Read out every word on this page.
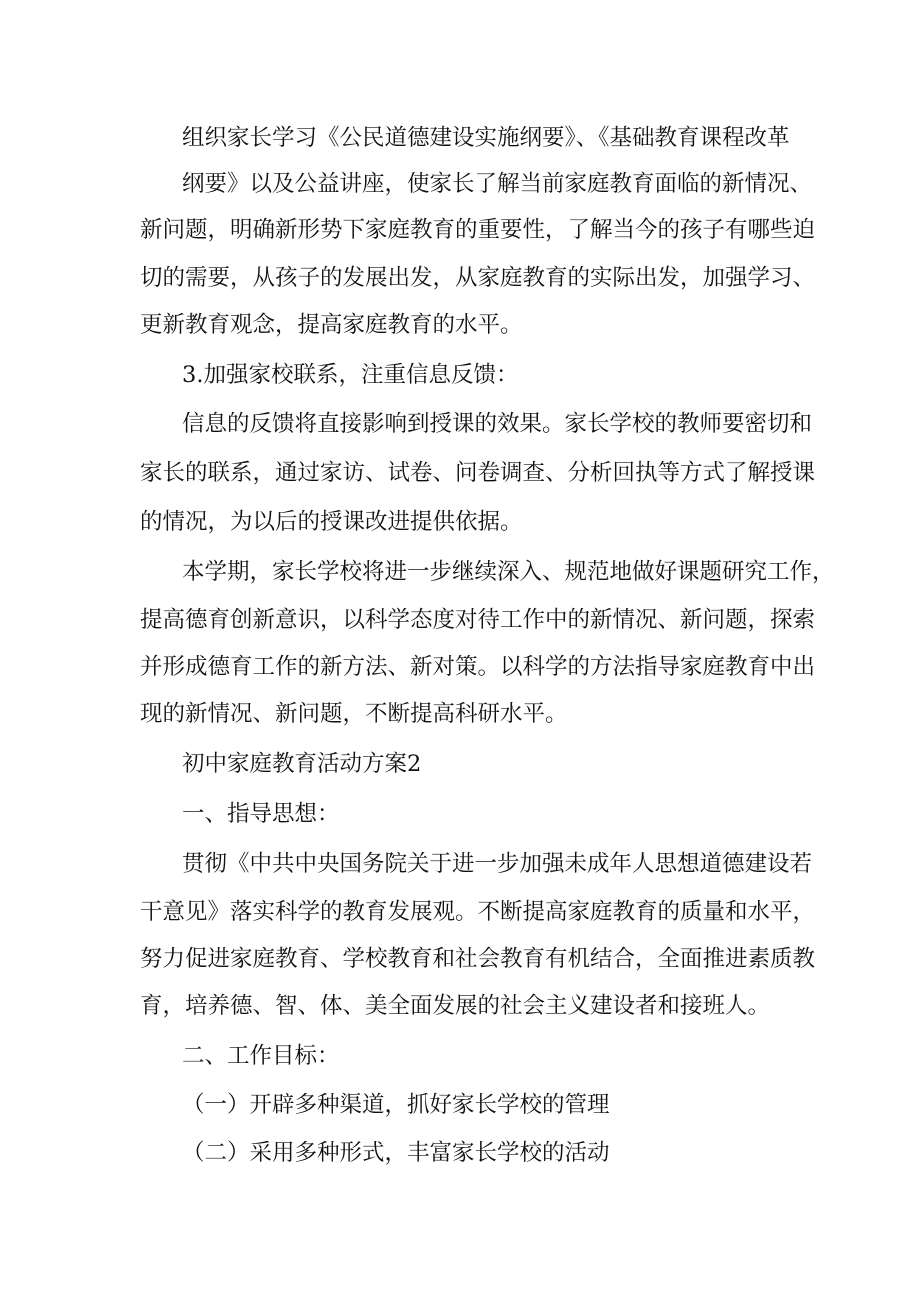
组织家长学习《公民道德建设实施纲要》、《基础教育课程改革
纲要》以及公益讲座，使家长了解当前家庭教育面临的新情况、
新问题，明确新形势下家庭教育的重要性，了解当今的孩子有哪些迫
切的需要，从孩子的发展出发，从家庭教育的实际出发，加强学习、
更新教育观念，提高家庭教育的水平。
3.加强家校联系，注重信息反馈：
信息的反馈将直接影响到授课的效果。家长学校的教师要密切和
家长的联系，通过家访、试卷、问卷调查、分析回执等方式了解授课
的情况，为以后的授课改进提供依据。
本学期，家长学校将进一步继续深入、规范地做好课题研究工作，
提高德育创新意识，以科学态度对待工作中的新情况、新问题，探索
并形成德育工作的新方法、新对策。以科学的方法指导家庭教育中出
现的新情况、新问题，不断提高科研水平。
初中家庭教育活动方案2
一、指导思想：
贯彻《中共中央国务院关于进一步加强未成年人思想道德建设若
干意见》落实科学的教育发展观。不断提高家庭教育的质量和水平，
努力促进家庭教育、学校教育和社会教育有机结合，全面推进素质教
育，培养德、智、体、美全面发展的社会主义建设者和接班人。
二、工作目标：
（一）开辟多种渠道，抓好家长学校的管理
（二）采用多种形式，丰富家长学校的活动
